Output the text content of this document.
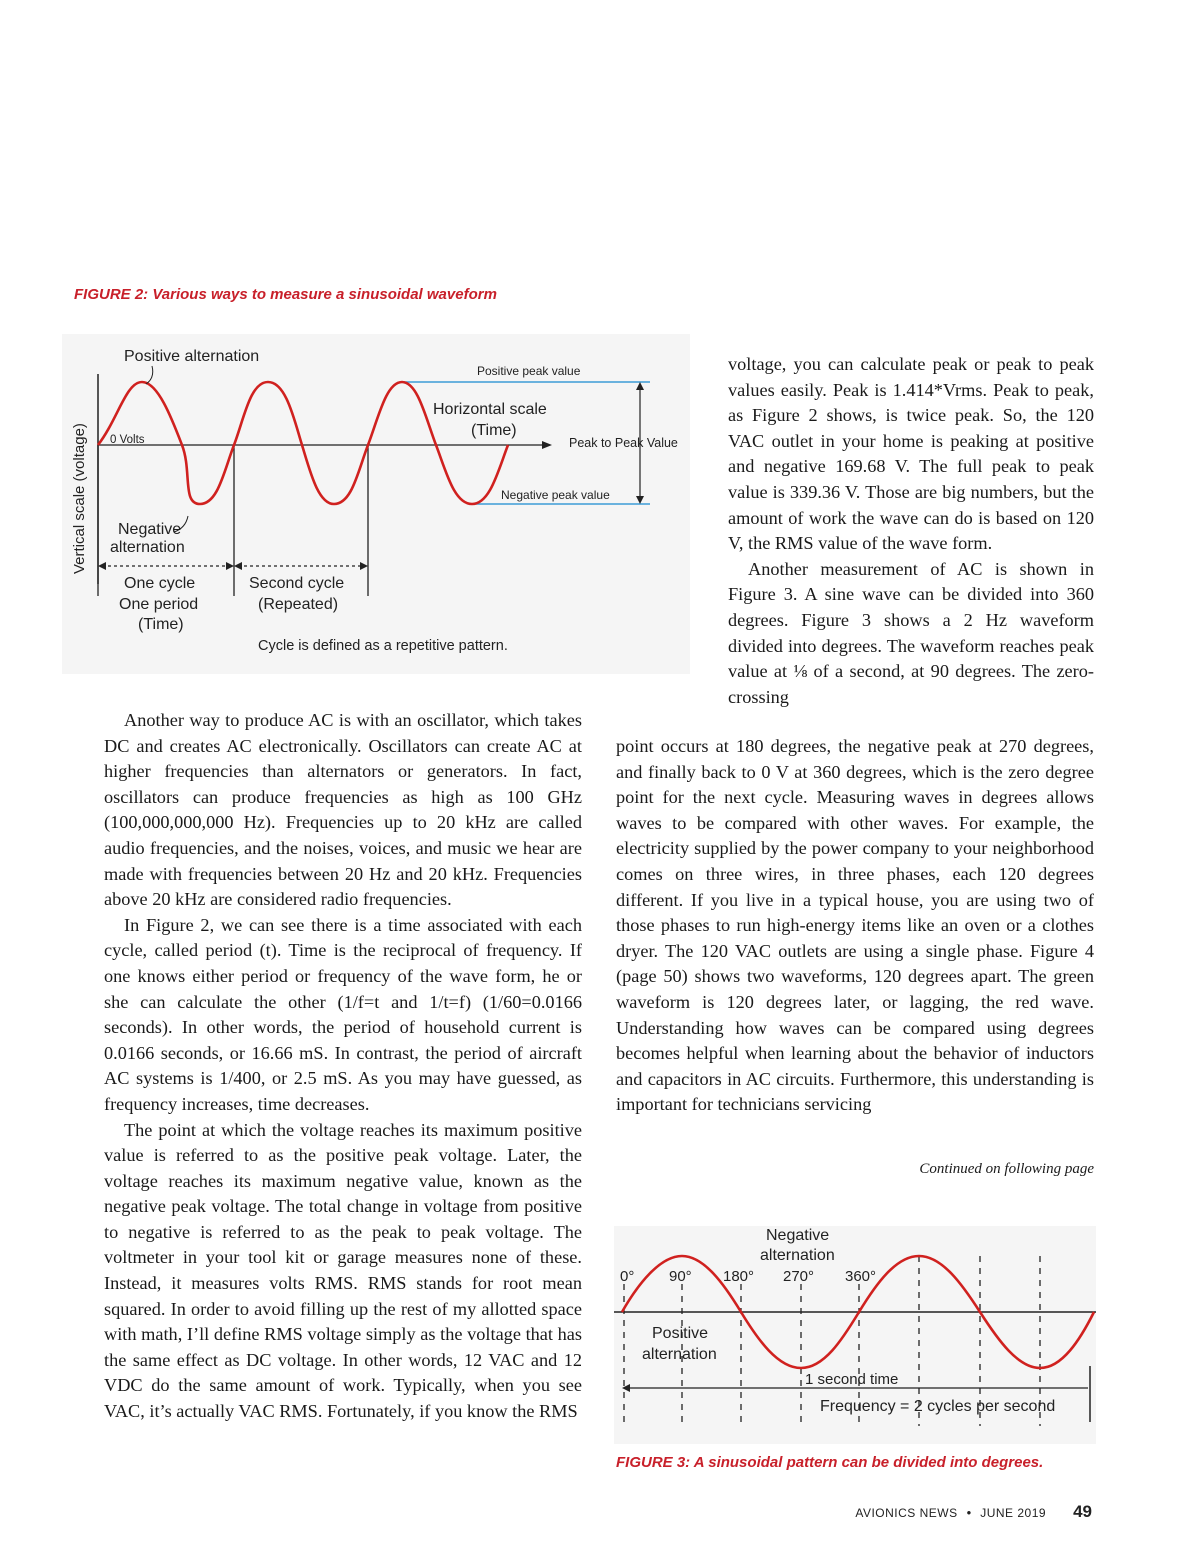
FIGURE 2: Various ways to measure a sinusoidal waveform
Positive alternation
Positive peak value
Horizontal scale
(Time)
Peak to Peak Value
0 Volts
Vertical scale (voltage)	Negative peak value
Negative
alternation
One cycle
One period
(Time)
Second cycle
(Repeated)
Cycle is defined as a repetitive pattern.

Another way to produce AC is with an oscillator, which takes DC and creates AC electronically. Oscillators can create AC at higher frequencies than alternators or generators. In fact, oscillators can produce frequencies as high as 100 GHz (100,000,000,000 Hz). Frequencies up to 20 kHz are called audio frequencies, and the noises, voices, and music we hear are made with frequencies between 20 Hz and 20 kHz. Frequencies above 20 kHz are considered radio frequencies.

In Figure 2, we can see there is a time associated with each cycle, called period (t). Time is the reciprocal of frequency. If one knows either period or frequency of the wave form, he or she can calculate the other (1/f=t and 1/t=f) (1/60=0.0166 seconds). In other words, the period of household current is 0.0166 seconds, or 16.66 mS. In contrast, the period of aircraft AC systems is 1/400, or 2.5 mS. As you may have guessed, as frequency increases, time decreases.

The point at which the voltage reaches its maximum positive value is referred to as the positive peak voltage. Later, the voltage reaches its maximum negative value, known as the negative peak voltage. The total change in voltage from positive to negative is referred to as the peak to peak voltage. The voltmeter in your tool kit or garage measures none of these. Instead, it measures volts RMS. RMS stands for root mean squared. In order to avoid filling up the rest of my allotted space with math, I’ll define RMS voltage simply as the voltage that has the same effect as DC voltage. In other words, 12 VAC and 12 VDC do the same amount of work. Typically, when you see VAC, it’s actually VAC RMS. Fortunately, if you know the RMS

voltage, you can calculate peak or peak to peak values easily. Peak is 1.414*Vrms. Peak to peak, as Figure 2 shows, is twice peak. So, the 120 VAC outlet in your home is peaking at positive and negative 169.68 V. The full peak to peak value is 339.36 V. Those are big numbers, but the amount of work the wave can do is based on 120 V, the RMS value of the wave form.

Another measurement of AC is shown in Figure 3. A sine wave can be divided into 360 degrees. Figure 3 shows a 2 Hz waveform divided into degrees. The waveform reaches peak value at ⅛ of a second, at 90 degrees. The zero-crossing

point occurs at 180 degrees, the negative peak at 270 degrees, and finally back to 0 V at 360 degrees, which is the zero degree point for the next cycle. Measuring waves in degrees allows waves to be compared with other waves. For example, the electricity supplied by the power company to your neighborhood comes on three wires, in three phases, each 120 degrees different. If you live in a typical house, you are using two of those phases to run high-energy items like an oven or a clothes dryer. The 120 VAC outlets are using a single phase. Figure 4 (page 50) shows two waveforms, 120 degrees apart. The green waveform is 120 degrees later, or lagging, the red wave. Understanding how waves can be compared using degrees becomes helpful when learning about the behavior of inductors and capacitors in AC circuits. Furthermore, this understanding is important for technicians servicing

Continued on following page
Negative
alternation
0° 90° 180° 270° 360°
Positive
alternation
1 second time
Frequency = 2 cycles per second
FIGURE 3: A sinusoidal pattern can be divided into degrees.
AVIONICS NEWS • JUNE 2019 49
